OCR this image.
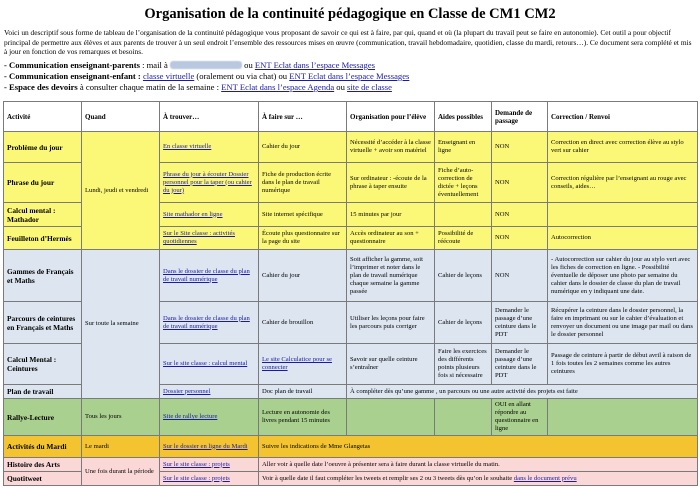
Organisation de la continuité pédagogique en Classe de CM1 CM2
Voici un descriptif sous forme de tableau de l’organisation de la continuité pédagogique vous proposant de savoir ce qui est à faire, par qui, quand et où (la plupart du travail peut se faire en autonomie). Cet outil a pour objectif principal de permettre aux élèves et aux parents de trouver à un seul endroit l’ensemble des ressources mises en œuvre (communication, travail hebdomadaire, quotidien, classe du mardi, retours…). Ce document sera complété et mis à jour en fonction de vos remarques et besoins.
- Communication enseignant-parents : mail à	ou ENT Eclat dans l’espace Messages
- Communication enseignant-enfant : classe virtuelle (oralement ou via chat) ou ENT Eclat dans l’espace Messages
- Espace des devoirs à consulter chaque matin de la semaine : ENT Eclat dans l’espace Agenda ou site de classe
Activité	Quand	À trouver…	À faire sur …	Organisation pour l’élève	Aides possibles	Demande de passage	Correction / Renvoi
Problème du jour	Lundi, jeudi et vendredi	En classe virtuelle	Cahier du jour	Nécessité d’accéder à la classe virtuelle + avoir son matériel	Enseignant en ligne	NON	Correction en direct avec correction élève au stylo vert sur cahier
Phrase du jour		Phrase du jour à écouter Dossier personnel pour la taper (ou cahier du jour)	Fiche de production écrite dans le plan de travail numérique	Sur ordinateur : -écoute de la phrase à taper ensuite	Fiche d’auto-correction de dictée + leçons éventuellement	NON	Correction régulière par l’enseignant au rouge avec conseils, aides…
Calcul mental : Mathador		Site mathador en ligne	Site internet spécifique	15 minutes par jour		NON	
Feuilleton d’Hermès		Sur le Site classe : activités quotidiennes	Écoute plus questionnaire sur la page du site	Accès ordinateur au son + questionnaire	Possibilité de réécoute	NON	Autocorrection
Gammes de Français et Maths	Sur toute la semaine	Dans le dossier de classe du plan de travail numérique	Cahier du jour	Soit afficher la gamme, soit l’imprimer et noter dans le plan de travail numérique chaque semaine la gamme passée	Cahier de leçons	NON	- Autocorrection sur cahier du jour au stylo vert avec les fiches de correction en ligne. - Possibilité éventuelle de déposer une photo par semaine du cahier dans le dossier de classe du plan de travail numérique en y indiquant une date.
Parcours de ceintures en Français et Maths		Dans le dossier de classe du plan de travail numérique	Cahier de brouillon	Utiliser les leçons pour faire les parcours puis corriger	Cahier de leçons	Demander le passage d’une ceinture dans le PDT	Récupérer la ceinture dans le dossier personnel, la faire en imprimant ou sur le cahier d’évaluation et renvoyer un document ou une image par mail ou dans le dossier personnel
Calcul Mental : Ceintures		Sur le site classe : calcul mental	Le site Calculatice pour se connecter	Savoir sur quelle ceinture s’entraîner	Faire les exercices des différents points plusieurs fois si nécessaire	Demander le passage d’une ceinture dans le PDT	Passage de ceinture à partir de début avril à raison de 1 fois toutes les 2 semaines comme les autres ceintures
Plan de travail		Dossier personnel	Doc plan de travail	À compléter dès qu’une gamme , un parcours ou une autre activité des projets est faite			
Rallye-Lecture	Tous les jours	Site de rallye lecture	Lecture en autonomie des livres pendant 15 minutes			OUI en allant répondre au questionnaire en ligne	
Activités du Mardi	Le mardi	Sur le dossier en ligne du Mardi	Suivre les indications de Mme Glangetas				
Histoire des Arts	Une fois durant la période	Sur le site classe : projets	Aller voir à quelle date l’oeuvre à présenter sera à faire durant la classe virtuelle du matin.				
Quotitweet		Sur le site classe : projets	Voir à quelle date il faut compléter les tweets et remplir ses 2 ou 3 tweets dès qu’on le souhaite dans le document prévu				
